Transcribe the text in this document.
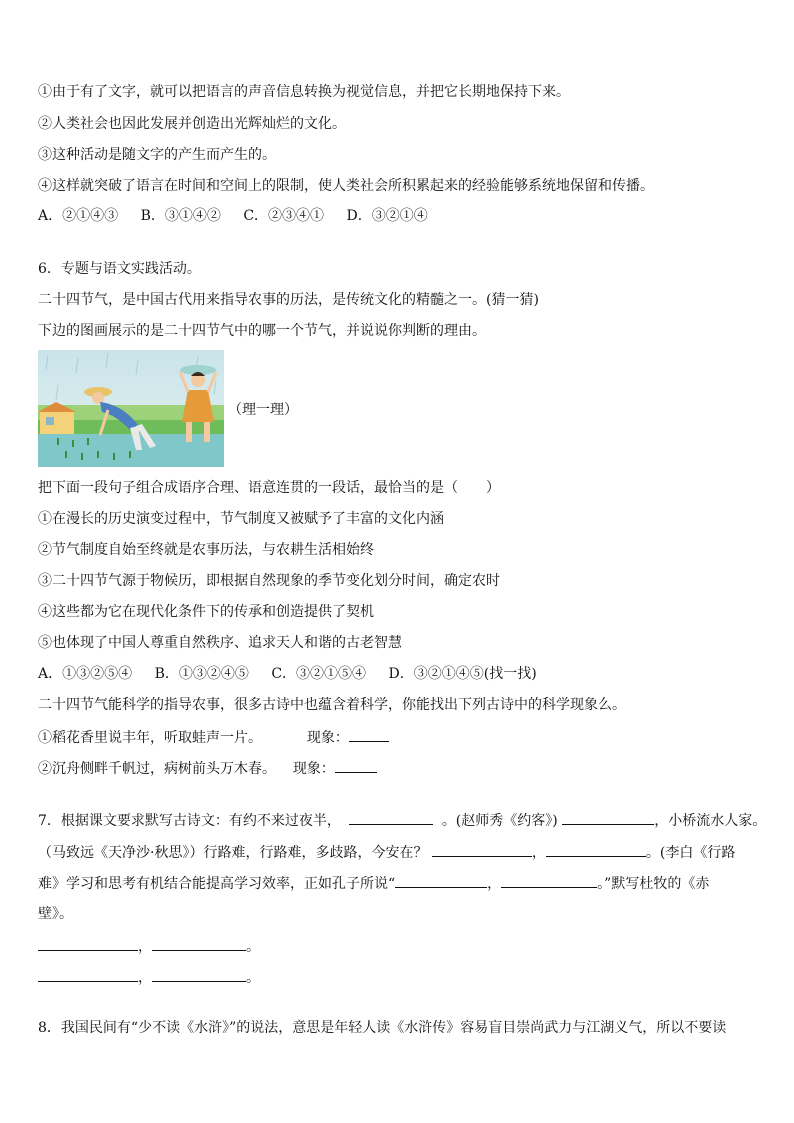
①由于有了文字，就可以把语言的声音信息转换为视觉信息，并把它长期地保持下来。
②人类社会也因此发展并创造出光辉灿烂的文化。
③这种活动是随文字的产生而产生的。
④这样就突破了语言在时间和空间上的限制，使人类社会所积累起来的经验能够系统地保留和传播。
A．②①④③ B．③①④② C．②③④① D．③②①④
6．专题与语文实践活动。
二十四节气，是中国古代用来指导农事的历法，是传统文化的精髓之一。(猜一猜)
下边的图画展示的是二十四节气中的哪一个节气，并说说你判断的理由。
（理一理）
把下面一段句子组合成语序合理、语意连贯的一段话，最恰当的是（　　）
①在漫长的历史演变过程中，节气制度又被赋予了丰富的文化内涵
②节气制度自始至终就是农事历法，与农耕生活相始终
③二十四节气源于物候历，即根据自然现象的季节变化划分时间，确定农时
④这些都为它在现代化条件下的传承和创造提供了契机
⑤也体现了中国人尊重自然秩序、追求天人和谐的古老智慧
A．①③②⑤④ B．①③②④⑤ C．③②①⑤④ D．③②①④⑤(找一找)
二十四节气能科学的指导农事，很多古诗中也蕴含着科学，你能找出下列古诗中的科学现象么。
①稻花香里说丰年，听取蛙声一片。	现象：
②沉舟侧畔千帆过，病树前头万木春。 现象：
7．根据课文要求默写古诗文：有约不来过夜半，	。(赵师秀《约客》)	，小桥流水人家。
（马致远《天净沙·秋思》）行路难，行路难，多歧路，今安在？	，	。(李白《行路
难》学习和思考有机结合能提高学习效率，正如孔子所说“	，	。”默写杜牧的《赤
壁》。
，	。
，	。
8．我国民间有“少不读《水浒》”的说法，意思是年轻人读《水浒传》容易盲目崇尚武力与江湖义气，所以不要读
